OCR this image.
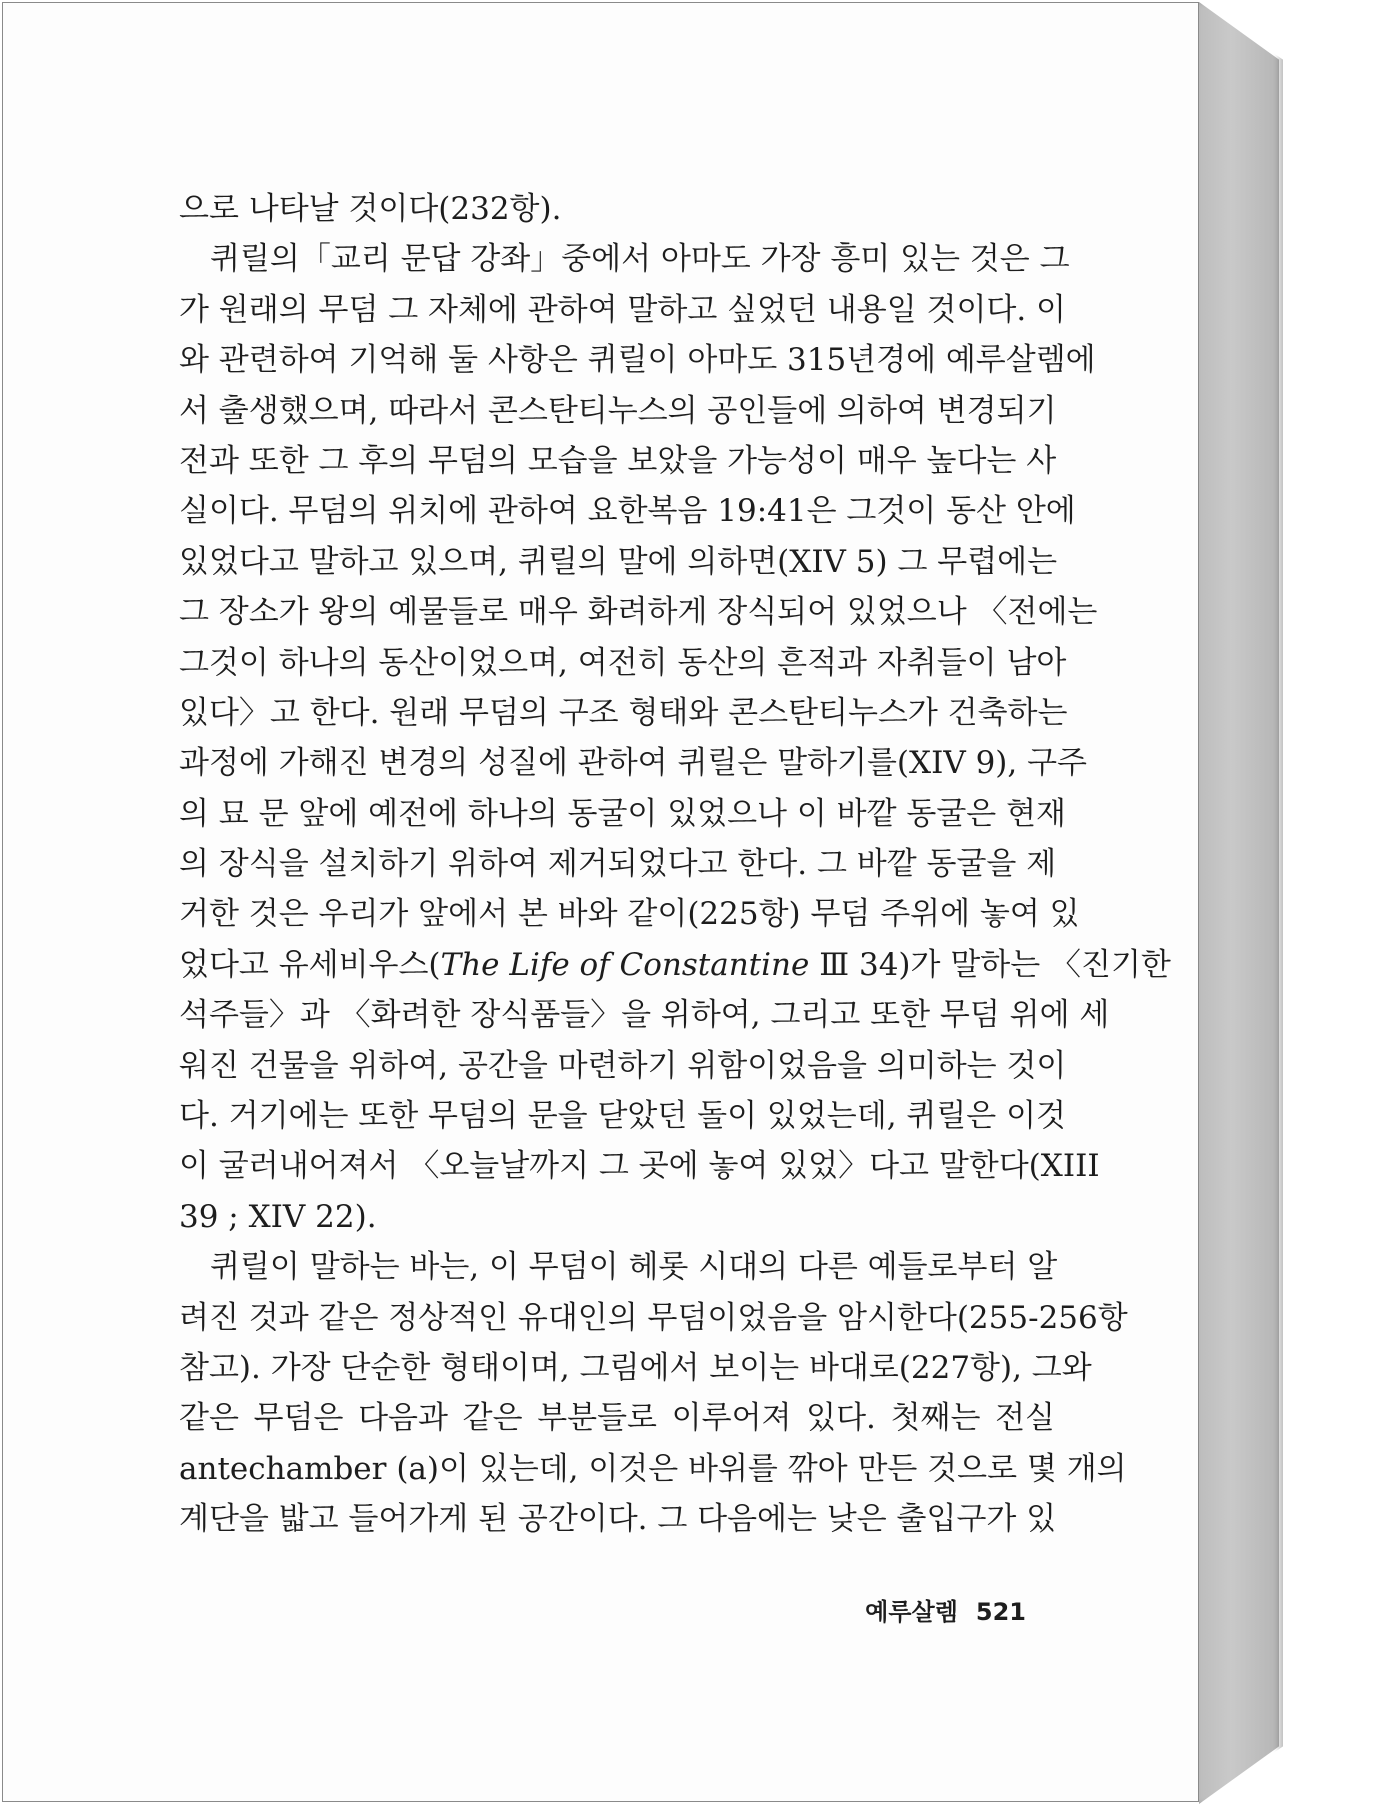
으로 나타날 것이다(232항).
퀴릴의「교리 문답 강좌」중에서 아마도 가장 흥미 있는 것은 그
가 원래의 무덤 그 자체에 관하여 말하고 싶었던 내용일 것이다. 이
와 관련하여 기억해 둘 사항은 퀴릴이 아마도 315년경에 예루살렘에
서 출생했으며, 따라서 콘스탄티누스의 공인들에 의하여 변경되기
전과 또한 그 후의 무덤의 모습을 보았을 가능성이 매우 높다는 사
실이다. 무덤의 위치에 관하여 요한복음 19:41은 그것이 동산 안에
있었다고 말하고 있으며, 퀴릴의 말에 의하면(XIV 5) 그 무렵에는
그 장소가 왕의 예물들로 매우 화려하게 장식되어 있었으나 〈전에는
그것이 하나의 동산이었으며, 여전히 동산의 흔적과 자취들이 남아
있다〉고 한다. 원래 무덤의 구조 형태와 콘스탄티누스가 건축하는
과정에 가해진 변경의 성질에 관하여 퀴릴은 말하기를(XIV 9), 구주
의 묘 문 앞에 예전에 하나의 동굴이 있었으나 이 바깥 동굴은 현재
의 장식을 설치하기 위하여 제거되었다고 한다. 그 바깥 동굴을 제
거한 것은 우리가 앞에서 본 바와 같이(225항) 무덤 주위에 놓여 있
었다고 유세비우스(The Life of Constantine Ⅲ 34)가 말하는 〈진기한
석주들〉과 〈화려한 장식품들〉을 위하여, 그리고 또한 무덤 위에 세
워진 건물을 위하여, 공간을 마련하기 위함이었음을 의미하는 것이
다. 거기에는 또한 무덤의 문을 닫았던 돌이 있었는데, 퀴릴은 이것
이 굴러내어져서 〈오늘날까지 그 곳에 놓여 있었〉다고 말한다(XIII
39 ; XIV 22).
퀴릴이 말하는 바는, 이 무덤이 헤롯 시대의 다른 예들로부터 알
려진 것과 같은 정상적인 유대인의 무덤이었음을 암시한다(255-256항
참고). 가장 단순한 형태이며, 그림에서 보이는 바대로(227항), 그와
같은 무덤은 다음과 같은 부분들로 이루어져 있다. 첫째는 전실
antechamber (a)이 있는데, 이것은 바위를 깎아 만든 것으로 몇 개의
계단을 밟고 들어가게 된 공간이다. 그 다음에는 낮은 출입구가 있
예루살렘 521
